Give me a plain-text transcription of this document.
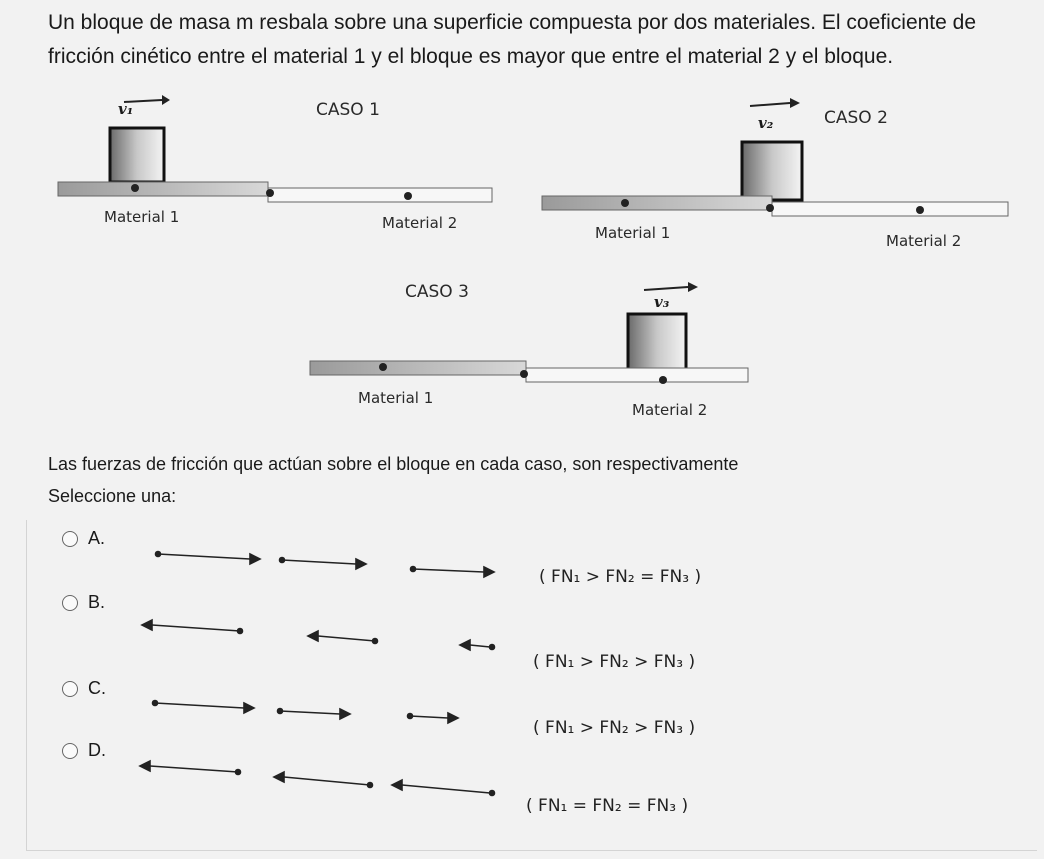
Un bloque de masa m resbala sobre una superficie compuesta por dos materiales. El coeficiente de fricción cinético entre el material 1 y el bloque es mayor que entre el material 2 y el bloque.
v₁	CASO 1
Material 1	Material 2
v₂	CASO 2
Material 1	Material 2
CASO 3	v₃
Material 1
Material 2
Las fuerzas de fricción que actúan sobre el bloque en cada caso, son respectivamente
Seleccione una:
A.
B.
C.
D.
( FN₁ > FN₂ = FN₃ )
( FN₁ > FN₂ > FN₃ )
( FN₁ > FN₂ > FN₃ )
( FN₁ = FN₂ = FN₃ )
